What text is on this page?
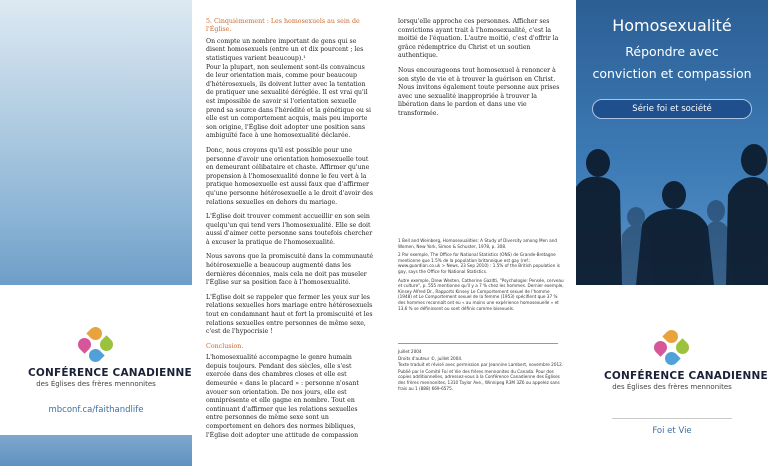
CONFÉRENCE CANADIENNE
des Églises des frères mennonites
mbconf.ca/faithandlife

5. Cinquièmement : Les homosexuels au sein de l'Église.

On compte un nombre important de gens qui se disent homosexuels (entre un et dix pourcent ; les statistiques varient beaucoup).¹

Pour la plupart, non seulement sont-ils convaincus de leur orientation mais, comme pour beaucoup d'hétérosexuels, ils doivent lutter avec la tentation de pratiquer une sexualité déréglée. Il est vrai qu'il est impossible de savoir si l'orientation sexuelle prend sa source dans l'hérédité et la génétique ou si elle est un comportement acquis, mais peu importe son origine, l'Église doit adopter une position sans ambiguïté face à une homosexualité déclarée.

Donc, nous croyons qu'il est possible pour une personne d'avoir une orientation homosexuelle tout en demeurant célibataire et chaste. Affirmer qu'une propension à l'homosexualité donne le feu vert à la pratique homosexuelle est aussi faux que d'affirmer qu'une personne hétérosexuelle a le droit d'avoir des relations sexuelles en dehors du mariage.

L'Église doit trouver comment accueillir en son sein quelqu'un qui tend vers l'homosexualité. Elle se doit aussi d'aimer cette personne sans toutefois chercher à excuser la pratique de l'homosexualité.

Nous savons que la promiscuité dans la communauté hétérosexuelle a beaucoup augmenté dans les dernières décennies, mais cela ne doit pas museler l'Église sur sa position face à l'homosexualité.

L'Église doit se rappeler que fermer les yeux sur les relations sexuelles hors mariage entre hétérosexuels tout en condamnant haut et fort la promiscuité et les relations sexuelles entre personnes de même sexe, c'est de l'hypocrisie !

Conclusion.

L'homosexualité accompagne le genre humain depuis toujours. Pendant des siècles, elle s'est exercée dans des chambres closes et elle est demeurée « dans le placard » : personne n'osant avouer son orientation. De nos jours, elle est omniprésente et elle gagne en nombre. Tout en continuant d'affirmer que les relations sexuelles entre personnes de même sexe sont un comportement en dehors des normes bibliques, l'Église doit adopter une attitude de compassion

lorsqu'elle approche ces personnes. Afficher ses convictions ayant trait à l'homosexualité, c'est la moitié de l'équation. L'autre moitié, c'est d'offrir la grâce rédemptrice du Christ et un soutien authentique.

Nous encourageons tout homosexuel à renoncer à son style de vie et à trouver la guérison en Christ. Nous invitons également toute personne aux prises avec une sexualité inappropriée à trouver la libération dans le pardon et dans une vie transformée.

1 Bell and Weinberg, Homosexualities: A Study of Diversity among Men and Women, New York, Simon & Schuster, 1978, p. 308.

2 Par exemple, The Office for National Statistics (ONS) de Grande-Bretagne mentionne que 1.5% de la population britannique est gay (ref.: www.guardian.co.uk > News, 23 Sep 2010) : 1.5% of the British population is gay, says the Office for National Statistics.

Autre exemple, Drew Westen, Catherine Gazitti, "Psychologie: Pensée, cerveau et culture", p. 555 mentionne qu'il y a 7 % chez les hommes. Dernier exemple, Kinsey Alfred Dr., Rapports Kinsey Le Comportement sexuel de l'homme (1948) et Le Comportement sexuel de la femme (1953) spécifient que 37 % des hommes reconnaît ont eu « au moins une expérience homosexuelle » et 13,6 % se définissent ou sont définis comme bisexuels.

Juillet 2004

Droits d'auteur ©, juillet 2004.

Texte traduit et révisé avec permission par Jeannine Lambert, novembre 2012.

Publié par le Comité Foi et Vie des frères mennonites du Canada. Pour des copies additionnelles, adressez-vous à la Conférence Canadienne des Églises des frères mennonites, 1310 Taylor Ave., Winnipeg R3M 3Z6 ou appelez sans frais au 1 (888) 669-6575.

Homosexualité
Répondre avec
conviction et compassion
Série foi et société
CONFÉRENCE CANADIENNE
des Églises des frères mennonites
Foi et Vie
